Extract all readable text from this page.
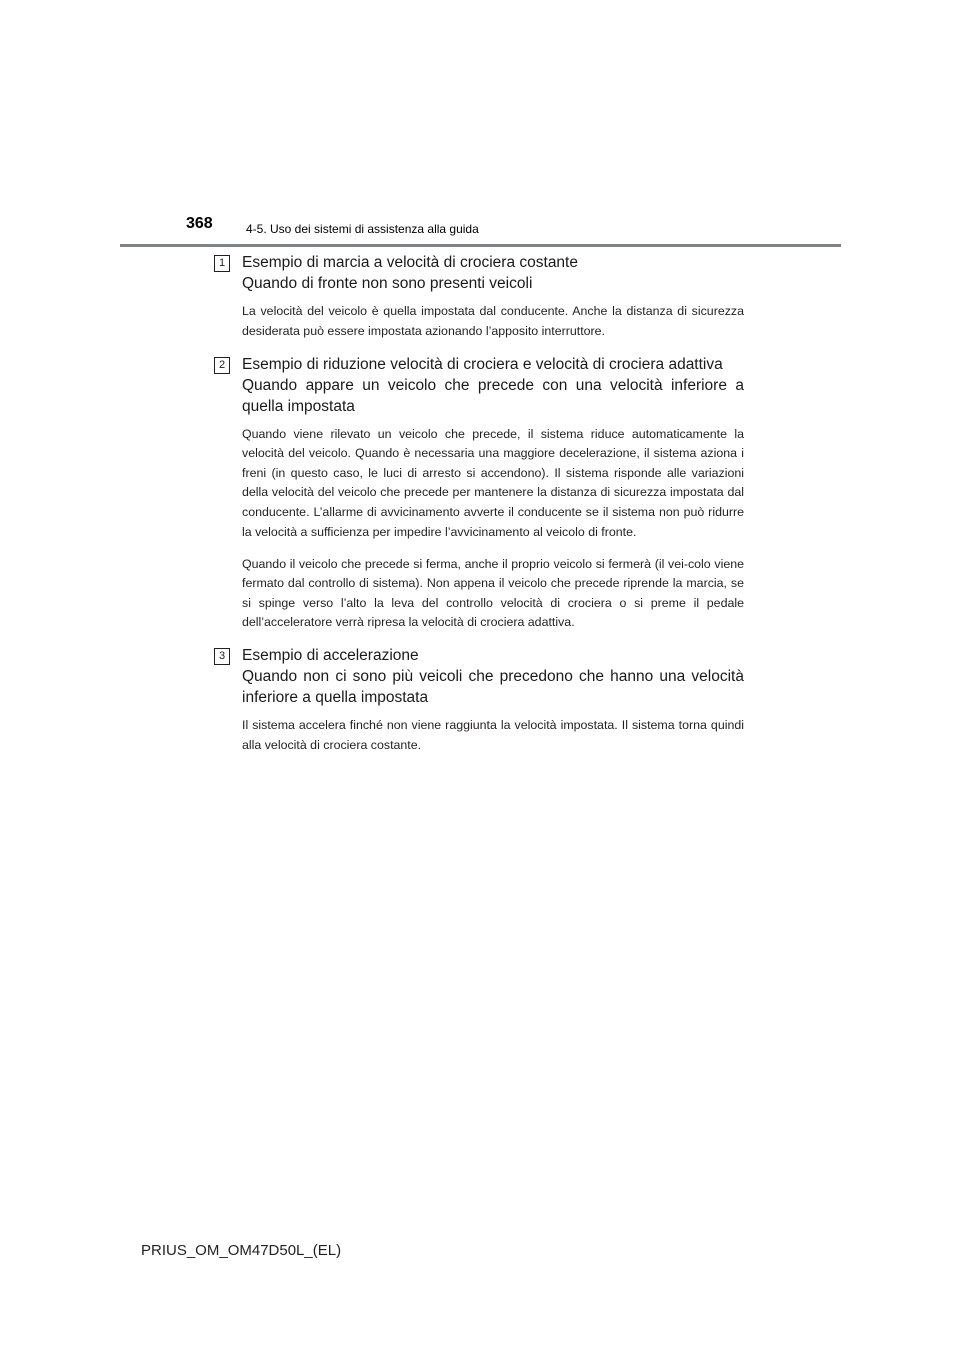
368	4-5. Uso dei sistemi di assistenza alla guida
1	Esempio di marcia a velocità di crociera costante
Quando di fronte non sono presenti veicoli

La velocità del veicolo è quella impostata dal conducente. Anche la distanza di sicurezza desiderata può essere impostata azionando l’apposito interruttore.

2	Esempio di riduzione velocità di crociera e velocità di crociera adattiva
Quando appare un veicolo che precede con una velocità inferiore a quella impostata

Quando viene rilevato un veicolo che precede, il sistema riduce automaticamente la velocità del veicolo. Quando è necessaria una maggiore decelerazione, il sistema aziona i freni (in questo caso, le luci di arresto si accendono). Il sistema risponde alle variazioni della velocità del veicolo che precede per mantenere la distanza di sicurezza impostata dal conducente. L’allarme di avvicinamento avverte il conducente se il sistema non può ridurre la velocità a sufficienza per impedire l’avvicinamento al veicolo di fronte.

Quando il veicolo che precede si ferma, anche il proprio veicolo si fermerà (il vei-colo viene fermato dal controllo di sistema). Non appena il veicolo che precede riprende la marcia, se si spinge verso l’alto la leva del controllo velocità di crociera o si preme il pedale dell’acceleratore verrà ripresa la velocità di crociera adattiva.

3	Esempio di accelerazione
Quando non ci sono più veicoli che precedono che hanno una velocità inferiore a quella impostata

Il sistema accelera finché non viene raggiunta la velocità impostata. Il sistema torna quindi alla velocità di crociera costante.

PRIUS_OM_OM47D50L_(EL)
